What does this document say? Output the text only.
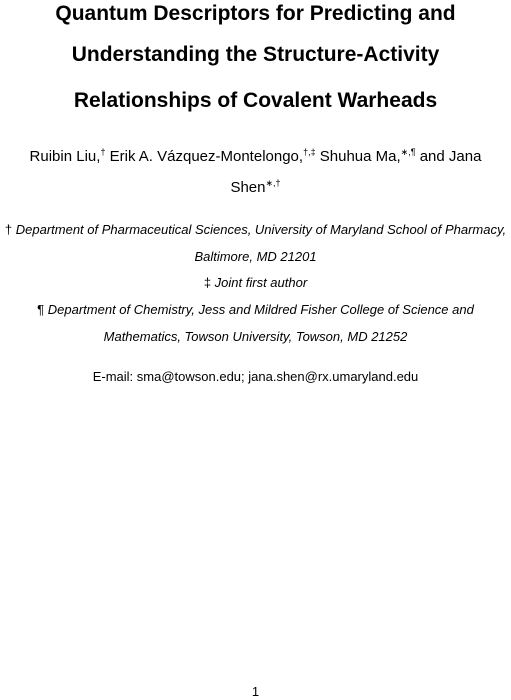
Quantum Descriptors for Predicting and
Understanding the Structure-Activity
Relationships of Covalent Warheads
Ruibin Liu,† Erik A. Vázquez-Montelongo,†,‡ Shuhua Ma,∗,¶ and Jana
Shen∗,†
† Department of Pharmaceutical Sciences, University of Maryland School of Pharmacy,
Baltimore, MD 21201
‡ Joint first author
¶ Department of Chemistry, Jess and Mildred Fisher College of Science and
Mathematics, Towson University, Towson, MD 21252
E-mail: sma@towson.edu; jana.shen@rx.umaryland.edu
1
